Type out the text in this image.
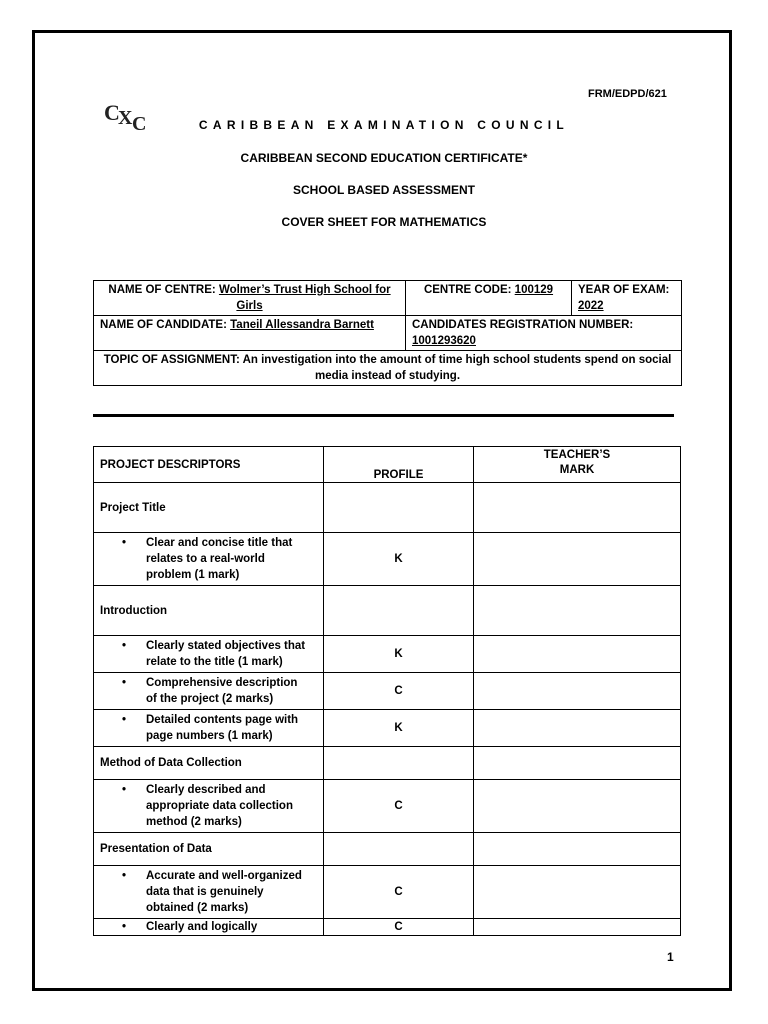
FRM/EDPD/621
C
X C	CARIBBEAN EXAMINATION COUNCIL
CARIBBEAN SECOND EDUCATION CERTIFICATE*
SCHOOL BASED ASSESSMENT
COVER SHEET FOR MATHEMATICS
NAME OF CENTRE: Wolmer’s Trust High School for Girls	CENTRE CODE: 100129	YEAR OF EXAM:
2022
NAME OF CANDIDATE: Taneil Allessandra Barnett	CANDIDATES REGISTRATION NUMBER:
1001293620	
TOPIC OF ASSIGNMENT: An investigation into the amount of time high school students spend on social media instead of studying.		
PROJECT DESCRIPTORS	PROFILE	TEACHER’S
MARK
Project Title		

• Clear and concise title that relates to a real-world problem (1 mark)	K	
Introduction		

• Clearly stated objectives that relate to the title (1 mark)	K	

• Comprehensive description of the project (2 marks)	C	

• Detailed contents page with page numbers (1 mark)	K	
Method of Data Collection		

• Clearly described and appropriate data collection method (2 marks)	C	
Presentation of Data		

• Accurate and well-organized data that is genuinely obtained (2 marks)	C	

• Clearly and logically	C	
1
